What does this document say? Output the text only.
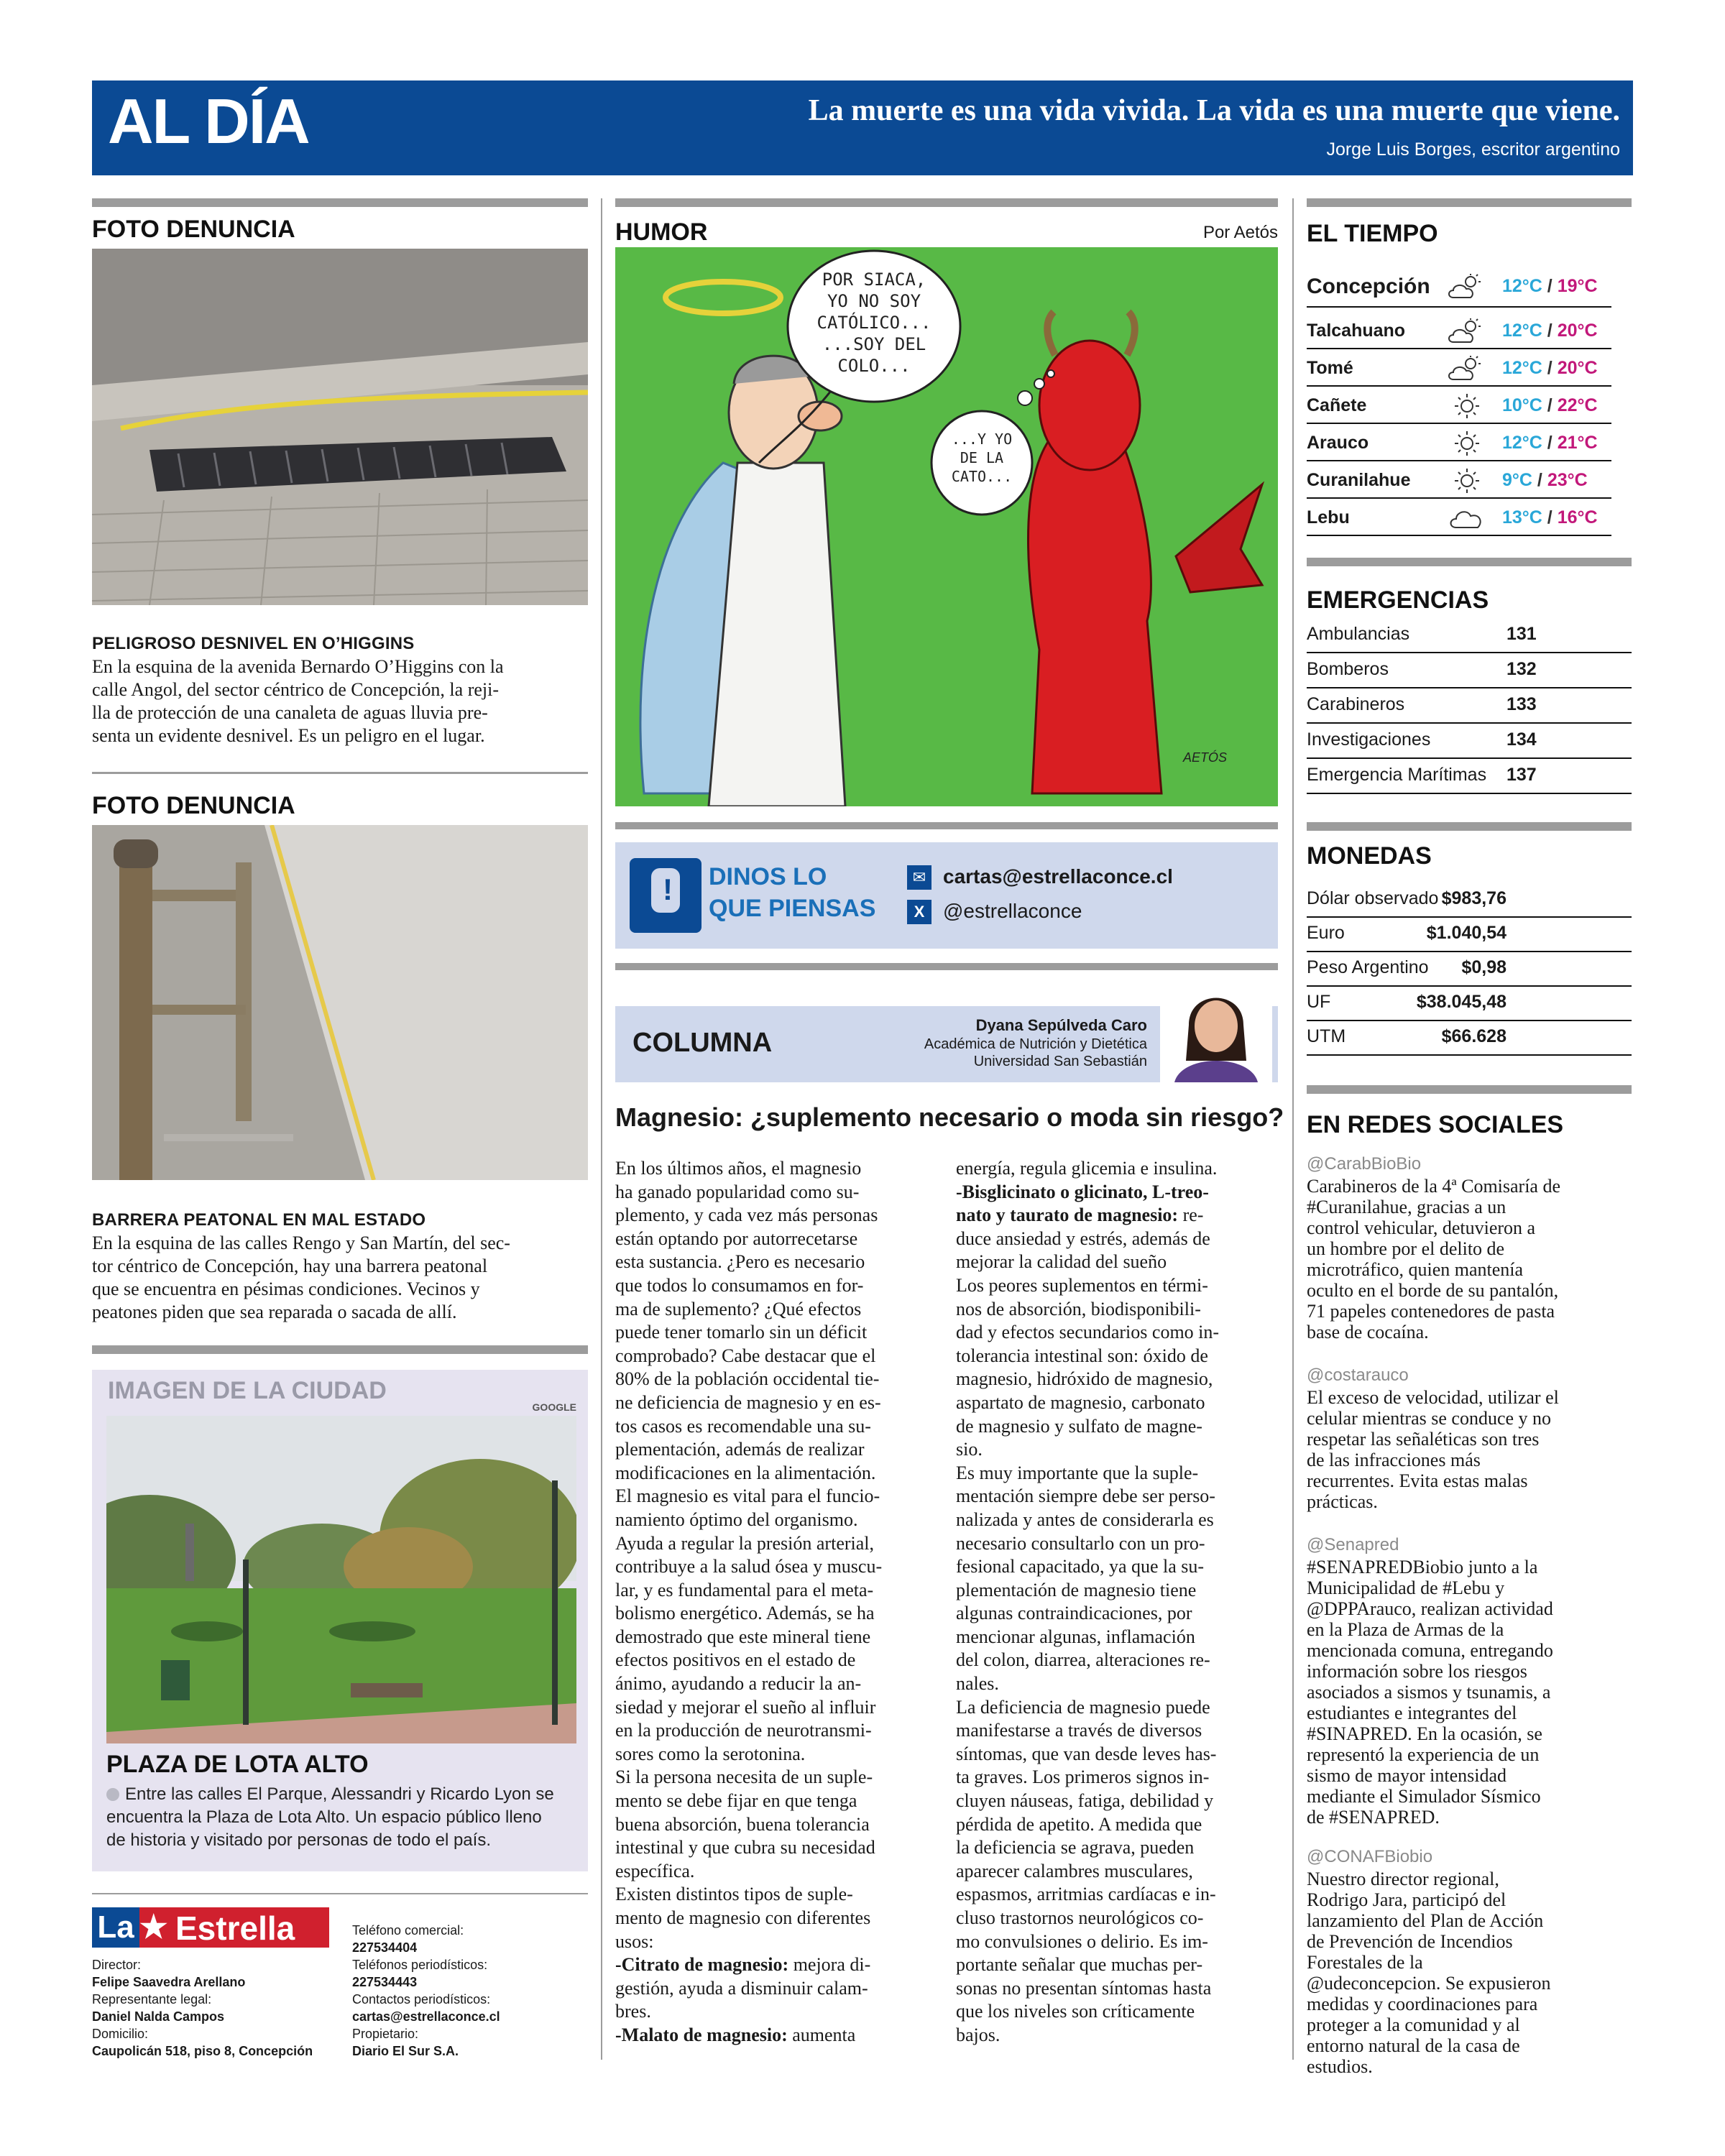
AL DÍA	La muerte es una vida vivida. La vida es una muerte que viene.
Jorge Luis Borges, escritor argentino
FOTO DENUNCIA
PELIGROSO DESNIVEL EN O’HIGGINS
En la esquina de la avenida Bernardo O’Higgins con la
calle Angol, del sector céntrico de Concepción, la reji-
lla de protección de una canaleta de aguas lluvia pre-
senta un evidente desnivel. Es un peligro en el lugar.
FOTO DENUNCIA
BARRERA PEATONAL EN MAL ESTADO
En la esquina de las calles Rengo y San Martín, del sec-
tor céntrico de Concepción, hay una barrera peatonal
que se encuentra en pésimas condiciones. Vecinos y
peatones piden que sea reparada o sacada de allí.
IMAGEN DE LA CIUDAD
GOOGLE
PLAZA DE LOTA ALTO
Entre las calles El Parque, Alessandri y Ricardo Lyon se
encuentra la Plaza de Lota Alto. Un espacio público lleno
de historia y visitado por personas de todo el país.
La ★ Estrella
Director:
Felipe Saavedra Arellano
Representante legal:
Daniel Nalda Campos
Domicilio:
Caupolicán 518, piso 8, Concepción
Teléfono comercial:
227534404
Teléfonos periodísticos:
227534443
Contactos periodísticos:
cartas@estrellaconce.cl
Propietario:
Diario El Sur S.A.
HUMOR	Por Aetós
POR SIACA,
YO NO SOY
CATÓLICO...
...SOY DEL
COLO...
...Y YO
DE LA
CATO...
AETÓS
! DINOS LO
QUE PIENSAS
✉ cartas@estrellaconce.cl
X @estrellaconce
COLUMNA
Dyana Sepúlveda Caro
Académica de Nutrición y Dietética
Universidad San Sebastián
Magnesio: ¿suplemento necesario o moda sin riesgo?

En los últimos años, el magnesio

ha ganado popularidad como su-

plemento, y cada vez más personas

están optando por autorrecetarse

esta sustancia. ¿Pero es necesario

que todos lo consumamos en for-

ma de suplemento? ¿Qué efectos

puede tener tomarlo sin un déficit

comprobado? Cabe destacar que el

80% de la población occidental tie-

ne deficiencia de magnesio y en es-

tos casos es recomendable una su-

plementación, además de realizar

modificaciones en la alimentación.

El magnesio es vital para el funcio-

namiento óptimo del organismo.

Ayuda a regular la presión arterial,

contribuye a la salud ósea y muscu-

lar, y es fundamental para el meta-

bolismo energético. Además, se ha

demostrado que este mineral tiene

efectos positivos en el estado de

ánimo, ayudando a reducir la an-

siedad y mejorar el sueño al influir

en la producción de neurotransmi-

sores como la serotonina.

Si la persona necesita de un suple-

mento se debe fijar en que tenga

buena absorción, buena tolerancia

intestinal y que cubra su necesidad

específica.

Existen distintos tipos de suple-

mento de magnesio con diferentes

usos:

-Citrato de magnesio: mejora di-

gestión, ayuda a disminuir calam-

bres.

-Malato de magnesio: aumenta

energía, regula glicemia e insulina.

-Bisglicinato o glicinato, L-treo-

nato y taurato de magnesio: re-

duce ansiedad y estrés, además de

mejorar la calidad del sueño

Los peores suplementos en térmi-

nos de absorción, biodisponibili-

dad y efectos secundarios como in-

tolerancia intestinal son: óxido de

magnesio, hidróxido de magnesio,

aspartato de magnesio, carbonato

de magnesio y sulfato de magne-

sio.

Es muy importante que la suple-

mentación siempre debe ser perso-

nalizada y antes de considerarla es

necesario consultarlo con un pro-

fesional capacitado, ya que la su-

plementación de magnesio tiene

algunas contraindicaciones, por

mencionar algunas, inflamación

del colon, diarrea, alteraciones re-

nales.

La deficiencia de magnesio puede

manifestarse a través de diversos

síntomas, que van desde leves has-

ta graves. Los primeros signos in-

cluyen náuseas, fatiga, debilidad y

pérdida de apetito. A medida que

la deficiencia se agrava, pueden

aparecer calambres musculares,

espasmos, arritmias cardíacas e in-

cluso trastornos neurológicos co-

mo convulsiones o delirio. Es im-

portante señalar que muchas per-

sonas no presentan síntomas hasta

que los niveles son críticamente

bajos.

EL TIEMPO
Concepción	12°C / 19°C
Talcahuano	12°C / 20°C
Tomé	12°C / 20°C
Cañete	10°C / 22°C
Arauco	12°C / 21°C
Curanilahue	9°C / 23°C
Lebu	13°C / 16°C
EMERGENCIAS
Ambulancias	131
Bomberos	132
Carabineros	133
Investigaciones	134
Emergencia Marítimas 137
MONEDAS
Dólar observado $983,76
Euro	$1.040,54
Peso Argentino $0,98
UF	$38.045,48
UTM	$66.628
EN REDES SOCIALES
@CarabBioBio
Carabineros de la 4ª Comisaría de
#Curanilahue, gracias a un
control vehicular, detuvieron a
un hombre por el delito de
microtráfico, quien mantenía
oculto en el borde de su pantalón,
71 papeles contenedores de pasta
base de cocaína.
@costarauco
El exceso de velocidad, utilizar el
celular mientras se conduce y no
respetar las señaléticas son tres
de las infracciones más
recurrentes. Evita estas malas
prácticas.
@Senapred
#SENAPREDBiobio junto a la
Municipalidad de #Lebu y
@DPPArauco, realizan actividad
en la Plaza de Armas de la
mencionada comuna, entregando
información sobre los riesgos
asociados a sismos y tsunamis, a
estudiantes e integrantes del
#SINAPRED. En la ocasión, se
representó la experiencia de un
sismo de mayor intensidad
mediante el Simulador Sísmico
de #SENAPRED.
@CONAFBiobio
Nuestro director regional,
Rodrigo Jara, participó del
lanzamiento del Plan de Acción
de Prevención de Incendios
Forestales de la
@udeconcepcion. Se expusieron
medidas y coordinaciones para
proteger a la comunidad y al
entorno natural de la casa de
estudios.
